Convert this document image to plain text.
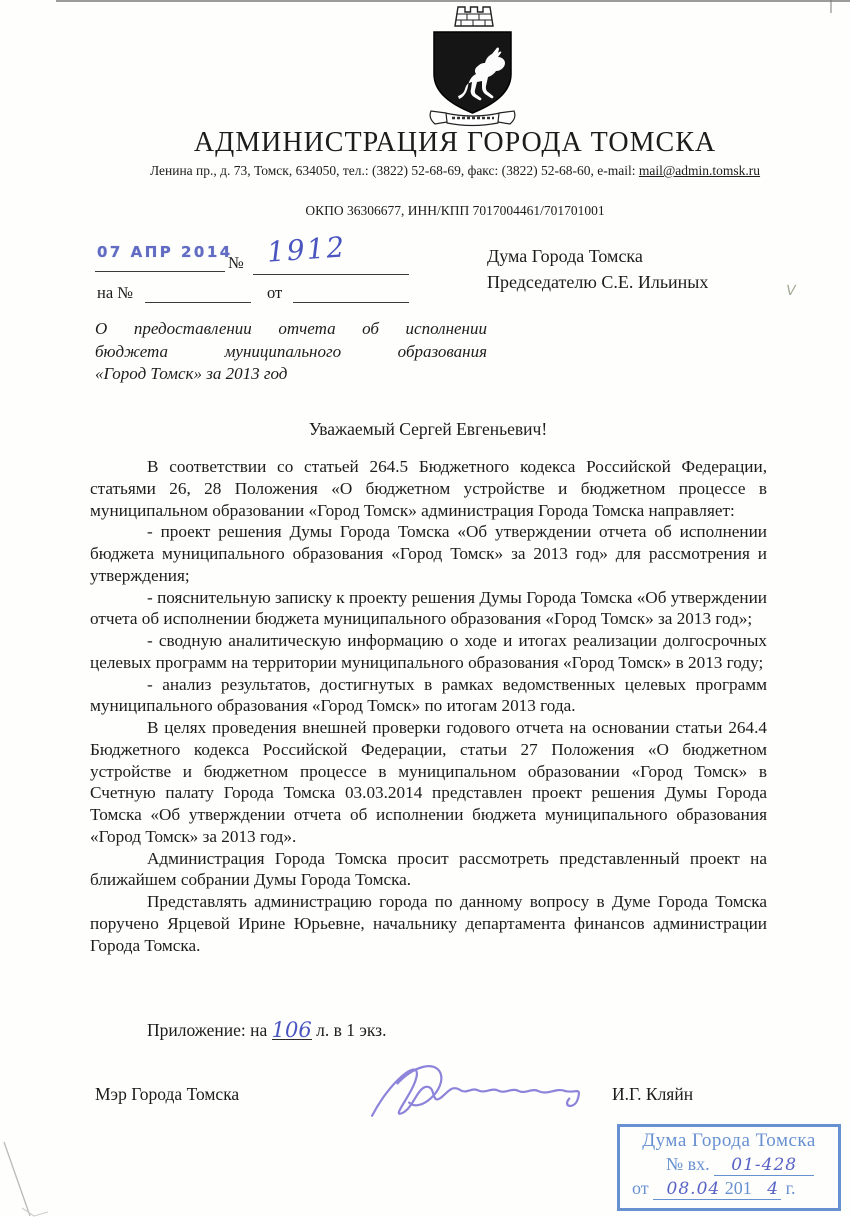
АДМИНИСТРАЦИЯ ГОРОДА ТОМСКА
Ленина пр., д. 73, Томск, 634050, тел.: (3822) 52-68-69, факс: (3822) 52-68-60, e-mail: mail@admin.tomsk.ru
ОКПО 36306677, ИНН/КПП 7017004461/701701001
07 АПР 2014
№ 1912
на №	от
Дума Города Томска
Председателю С.Е. Ильиных	V
О предоставлении отчета об исполнении
бюджета муниципального образования
«Город Томск» за 2013 год
Уважаемый Сергей Евгеньевич!

В соответствии со статьей 264.5 Бюджетного кодекса Российской Федерации, статьями 26, 28 Положения «О бюджетном устройстве и бюджетном процессе в муниципальном образовании «Город Томск» администрация Города Томска направляет:

- проект решения Думы Города Томска «Об утверждении отчета об исполнении бюджета муниципального образования «Город Томск» за 2013 год» для рассмотрения и утверждения;

- пояснительную записку к проекту решения Думы Города Томска «Об утверждении отчета об исполнении бюджета муниципального образования «Город Томск» за 2013 год»;

- сводную аналитическую информацию о ходе и итогах реализации долгосрочных целевых программ на территории муниципального образования «Город Томск» в 2013 году;

- анализ результатов, достигнутых в рамках ведомственных целевых программ муниципального образования «Город Томск» по итогам 2013 года.

В целях проведения внешней проверки годового отчета на основании статьи 264.4 Бюджетного кодекса Российской Федерации, статьи 27 Положения «О бюджетном устройстве и бюджетном процессе в муниципальном образовании «Город Томск» в Счетную палату Города Томска 03.03.2014 представлен проект решения Думы Города Томска «Об утверждении отчета об исполнении бюджета муниципального образования «Город Томск» за 2013 год».

Администрация Города Томска просит рассмотреть представленный проект на ближайшем собрании Думы Города Томска.

Представлять администрацию города по данному вопросу в Думе Города Томска поручено Ярцевой Ирине Юрьевне, начальнику департамента финансов администрации Города Томска.

Приложение: на 106 л. в 1 экз.
Мэр Города Томска	И.Г. Кляйн
Дума Города Томска
№ вх. 01-428
от 08.04 201 4 г.
